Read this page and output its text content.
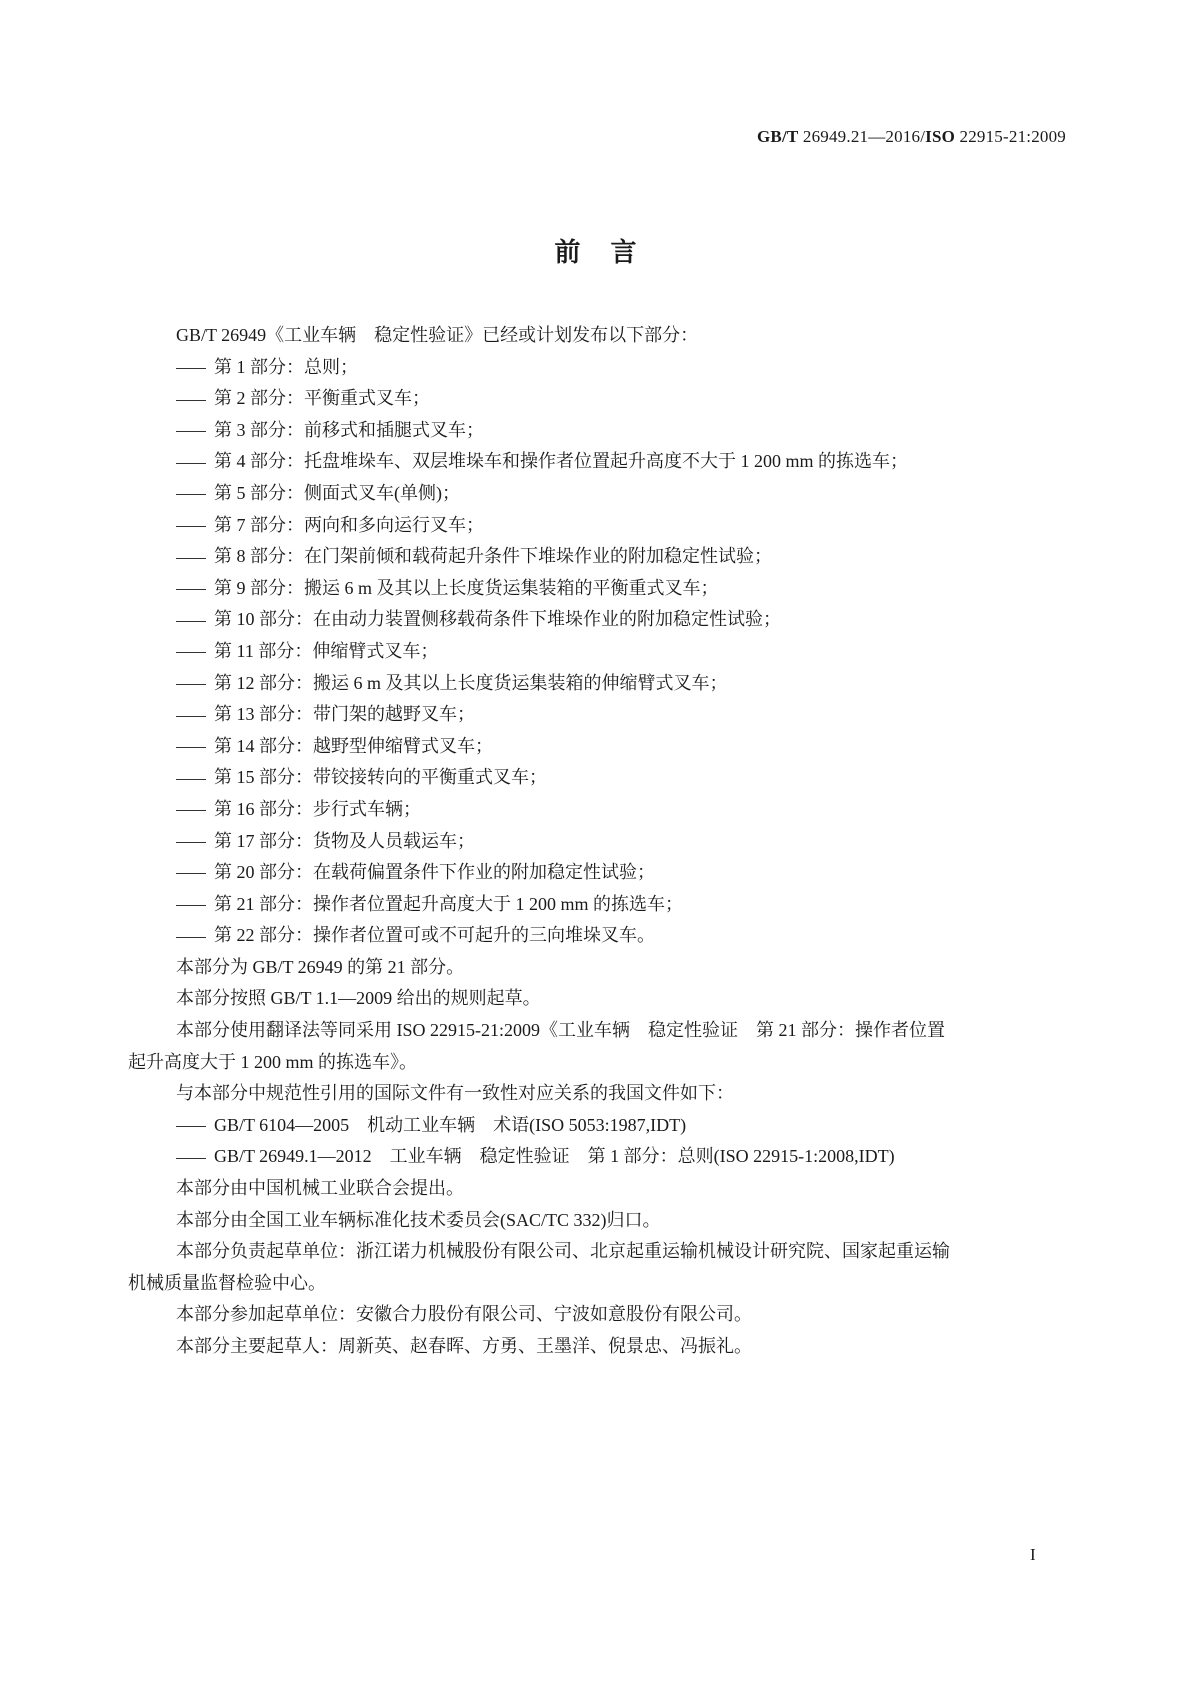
GB/T 26949.21—2016/ISO 22915-21:2009
前言
GB/T 26949《工业车辆　稳定性验证》已经或计划发布以下部分：
第 1 部分：总则；
第 2 部分：平衡重式叉车；
第 3 部分：前移式和插腿式叉车；
第 4 部分：托盘堆垛车、双层堆垛车和操作者位置起升高度不大于 1 200 mm 的拣选车；
第 5 部分：侧面式叉车(单侧)；
第 7 部分：两向和多向运行叉车；
第 8 部分：在门架前倾和载荷起升条件下堆垛作业的附加稳定性试验；
第 9 部分：搬运 6 m 及其以上长度货运集装箱的平衡重式叉车；
第 10 部分：在由动力装置侧移载荷条件下堆垛作业的附加稳定性试验；
第 11 部分：伸缩臂式叉车；
第 12 部分：搬运 6 m 及其以上长度货运集装箱的伸缩臂式叉车；
第 13 部分：带门架的越野叉车；
第 14 部分：越野型伸缩臂式叉车；
第 15 部分：带铰接转向的平衡重式叉车；
第 16 部分：步行式车辆；
第 17 部分：货物及人员载运车；
第 20 部分：在载荷偏置条件下作业的附加稳定性试验；
第 21 部分：操作者位置起升高度大于 1 200 mm 的拣选车；
第 22 部分：操作者位置可或不可起升的三向堆垛叉车。
本部分为 GB/T 26949 的第 21 部分。
本部分按照 GB/T 1.1—2009 给出的规则起草。
本部分使用翻译法等同采用 ISO 22915-21:2009《工业车辆　稳定性验证　第 21 部分：操作者位置
起升高度大于 1 200 mm 的拣选车》。
与本部分中规范性引用的国际文件有一致性对应关系的我国文件如下：
GB/T 6104—2005　机动工业车辆　术语(ISO 5053:1987,IDT)
GB/T 26949.1—2012　工业车辆　稳定性验证　第 1 部分：总则(ISO 22915-1:2008,IDT)
本部分由中国机械工业联合会提出。
本部分由全国工业车辆标准化技术委员会(SAC/TC 332)归口。
本部分负责起草单位：浙江诺力机械股份有限公司、北京起重运输机械设计研究院、国家起重运输
机械质量监督检验中心。
本部分参加起草单位：安徽合力股份有限公司、宁波如意股份有限公司。
本部分主要起草人：周新英、赵春晖、方勇、王墨洋、倪景忠、冯振礼。
I
